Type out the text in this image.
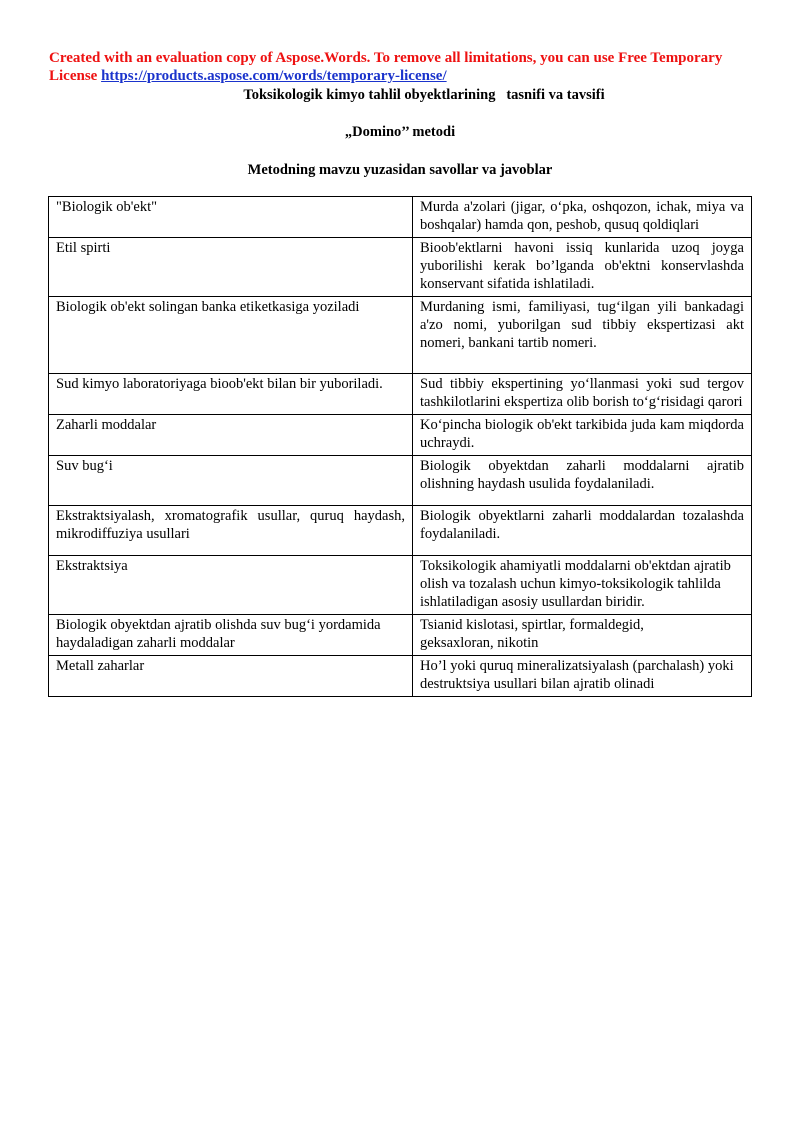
Created with an evaluation copy of Aspose.Words. To remove all limitations, you can use Free Temporary License https://products.aspose.com/words/temporary-license/
Toksikologik kimyo tahlil obyektlarining   tasnifi va tavsifi
„Domino’’ metodi
Metodning mavzu yuzasidan savollar va javoblar
"Biologik ob'ekt"	Murda a'zolari (jigar, o‘pka, oshqozon, ichak, miya va boshqalar) hamda qon, peshob, qusuq qoldiqlari
Etil spirti	Bioob'ektlarni havoni issiq kunlarida uzoq joyga yuborilishi kerak bo’lganda ob'ektni konservlashda konservant sifatida ishlatiladi.
Biologik ob'ekt solingan banka etiketkasiga yoziladi	Murdaning ismi, familiyasi, tug‘ilgan yili bankadagi a'zo nomi, yuborilgan sud tibbiy ekspertizasi akt nomeri, bankani tartib nomeri.
Sud kimyo laboratoriyaga bioob'ekt bilan bir yuboriladi.	Sud tibbiy ekspertining yo‘llanmasi yoki sud tergov tashkilotlarini ekspertiza olib borish to‘g‘risidagi qarori
Zaharli moddalar	Ko‘pincha biologik ob'ekt tarkibida juda kam miqdorda uchraydi.
Suv bug‘i	Biologik obyektdan zaharli moddalarni ajratib olishning haydash usulida foydalaniladi.
Ekstraktsiyalash, xromatografik usullar, quruq haydash, mikrodiffuziya usullari	Biologik obyektlarni zaharli moddalardan tozalashda foydalaniladi.
Ekstraktsiya	Toksikologik ahamiyatli moddalarni ob'ektdan ajratib olish va tozalash uchun kimyo-toksikologik tahlilda ishlatiladigan asosiy usullardan biridir.
Biologik obyektdan ajratib olishda suv bug‘i yordamida haydaladigan zaharli moddalar	Tsianid kislotasi, spirtlar, formaldegid, geksaxloran, nikotin
Metall zaharlar	Ho’l yoki quruq mineralizatsiyalash (parchalash) yoki destruktsiya usullari bilan ajratib olinadi
